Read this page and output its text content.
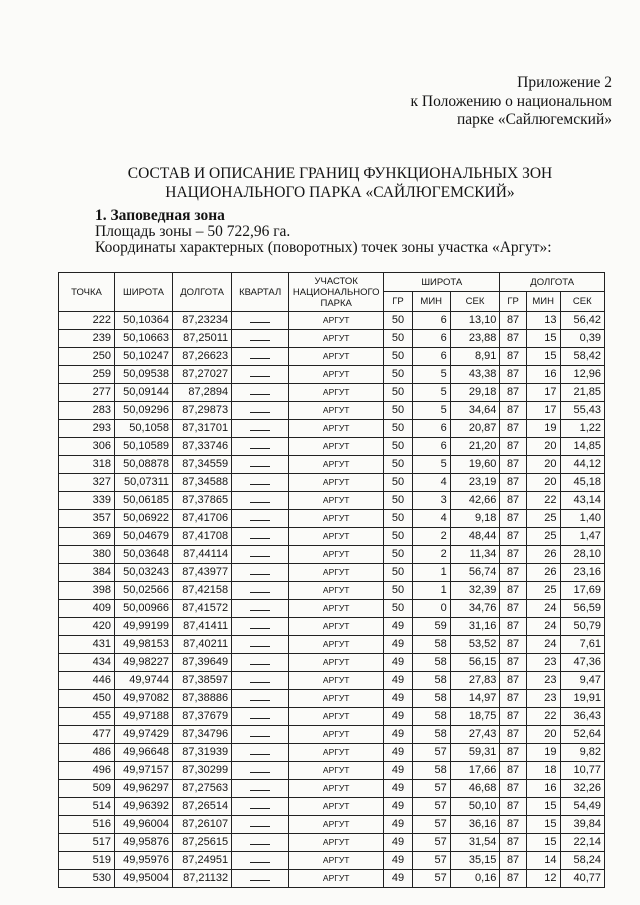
Приложение 2
к Положению о национальном
парке «Сайлюгемский»
СОСТАВ И ОПИСАНИЕ ГРАНИЦ ФУНКЦИОНАЛЬНЫХ ЗОН
НАЦИОНАЛЬНОГО ПАРКА «САЙЛЮГЕМСКИЙ»
1. Заповедная зона
Площадь зоны – 50 722,96 га.
Координаты характерных (поворотных) точек зоны участка «Аргут»:
ТОЧКА	ШИРОТА	ДОЛГОТА	КВАРТАЛ	УЧАСТОК НАЦИОНАЛЬНОГО ПАРКА	ШИРОТА			ДОЛГОТА		
					ГР	МИН	СЕК	ГР	МИН	СЕК
222	50,10364	87,23234		АРГУТ	50	6	13,10	87	13	56,42
239	50,10663	87,25011		АРГУТ	50	6	23,88	87	15	0,39
250	50,10247	87,26623		АРГУТ	50	6	8,91	87	15	58,42
259	50,09538	87,27027		АРГУТ	50	5	43,38	87	16	12,96
277	50,09144	87,2894		АРГУТ	50	5	29,18	87	17	21,85
283	50,09296	87,29873		АРГУТ	50	5	34,64	87	17	55,43
293	50,1058	87,31701		АРГУТ	50	6	20,87	87	19	1,22
306	50,10589	87,33746		АРГУТ	50	6	21,20	87	20	14,85
318	50,08878	87,34559		АРГУТ	50	5	19,60	87	20	44,12
327	50,07311	87,34588		АРГУТ	50	4	23,19	87	20	45,18
339	50,06185	87,37865		АРГУТ	50	3	42,66	87	22	43,14
357	50,06922	87,41706		АРГУТ	50	4	9,18	87	25	1,40
369	50,04679	87,41708		АРГУТ	50	2	48,44	87	25	1,47
380	50,03648	87,44114		АРГУТ	50	2	11,34	87	26	28,10
384	50,03243	87,43977		АРГУТ	50	1	56,74	87	26	23,16
398	50,02566	87,42158		АРГУТ	50	1	32,39	87	25	17,69
409	50,00966	87,41572		АРГУТ	50	0	34,76	87	24	56,59
420	49,99199	87,41411		АРГУТ	49	59	31,16	87	24	50,79
431	49,98153	87,40211		АРГУТ	49	58	53,52	87	24	7,61
434	49,98227	87,39649		АРГУТ	49	58	56,15	87	23	47,36
446	49,9744	87,38597		АРГУТ	49	58	27,83	87	23	9,47
450	49,97082	87,38886		АРГУТ	49	58	14,97	87	23	19,91
455	49,97188	87,37679		АРГУТ	49	58	18,75	87	22	36,43
477	49,97429	87,34796		АРГУТ	49	58	27,43	87	20	52,64
486	49,96648	87,31939		АРГУТ	49	57	59,31	87	19	9,82
496	49,97157	87,30299		АРГУТ	49	58	17,66	87	18	10,77
509	49,96297	87,27563		АРГУТ	49	57	46,68	87	16	32,26
514	49,96392	87,26514		АРГУТ	49	57	50,10	87	15	54,49
516	49,96004	87,26107		АРГУТ	49	57	36,16	87	15	39,84
517	49,95876	87,25615		АРГУТ	49	57	31,54	87	15	22,14
519	49,95976	87,24951		АРГУТ	49	57	35,15	87	14	58,24
530	49,95004	87,21132		АРГУТ	49	57	0,16	87	12	40,77
